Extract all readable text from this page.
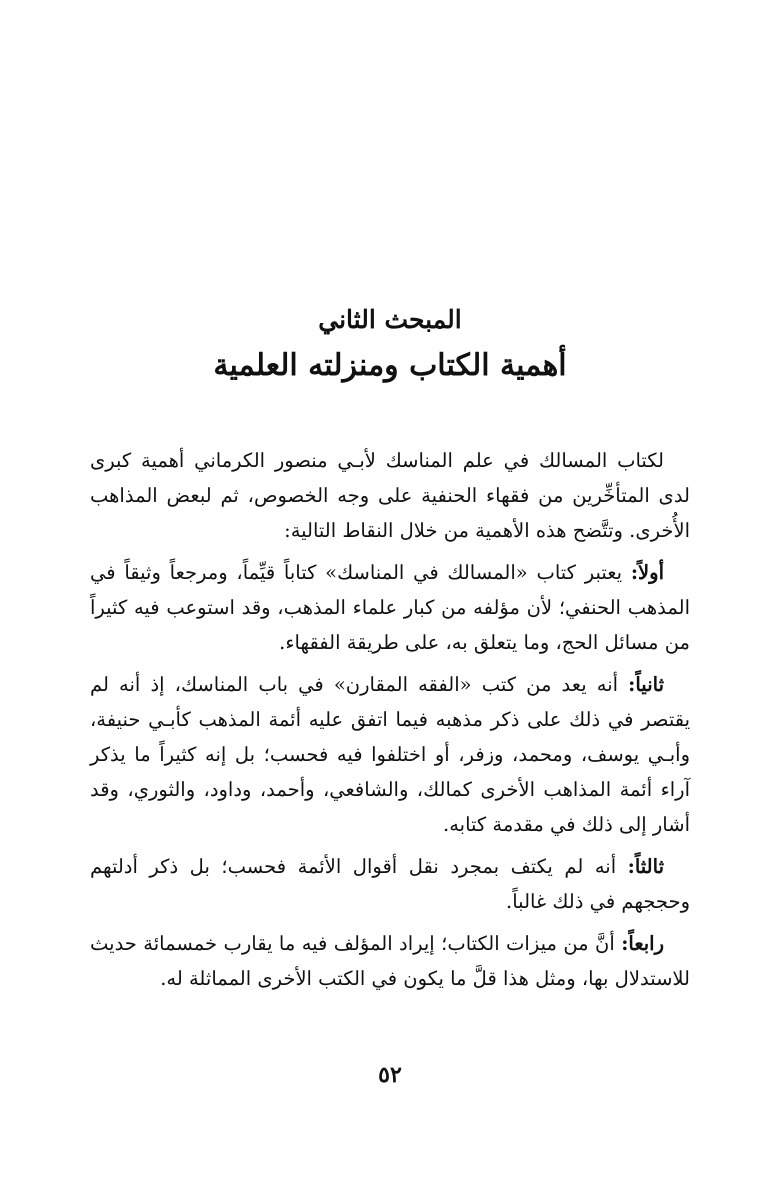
المبحث الثاني
أهمية الكتاب ومنزلته العلمية

لكتاب المسالك في علم المناسك لأبـي منصور الكرماني أهمية كبرى لدى المتأخِّرين من فقهاء الحنفية على وجه الخصوص، ثم لبعض المذاهب الأُخرى. وتتَّضح هذه الأهمية من خلال النقاط التالية:

أولاً: يعتبر كتاب «المسالك في المناسك» كتاباً قيِّماً، ومرجعاً وثيقاً في المذهب الحنفي؛ لأن مؤلفه من كبار علماء المذهب، وقد استوعب فيه كثيراً من مسائل الحج، وما يتعلق به، على طريقة الفقهاء.

ثانياً: أنه يعد من كتب «الفقه المقارن» في باب المناسك، إذ أنه لم يقتصر في ذلك على ذكر مذهبه فيما اتفق عليه أئمة المذهب كأبـي حنيفة، وأبـي يوسف، ومحمد، وزفر، أو اختلفوا فيه فحسب؛ بل إنه كثيراً ما يذكر آراء أئمة المذاهب الأخرى كمالك، والشافعي، وأحمد، وداود، والثوري، وقد أشار إلى ذلك في مقدمة كتابه.

ثالثاً: أنه لم يكتف بمجرد نقل أقوال الأئمة فحسب؛ بل ذكر أدلتهم وحججهم في ذلك غالباً.

رابعاً: أنَّ من ميزات الكتاب؛ إيراد المؤلف فيه ما يقارب خمسمائة حديث للاستدلال بها، ومثل هذا قلَّ ما يكون في الكتب الأخرى المماثلة له.

٥٢
